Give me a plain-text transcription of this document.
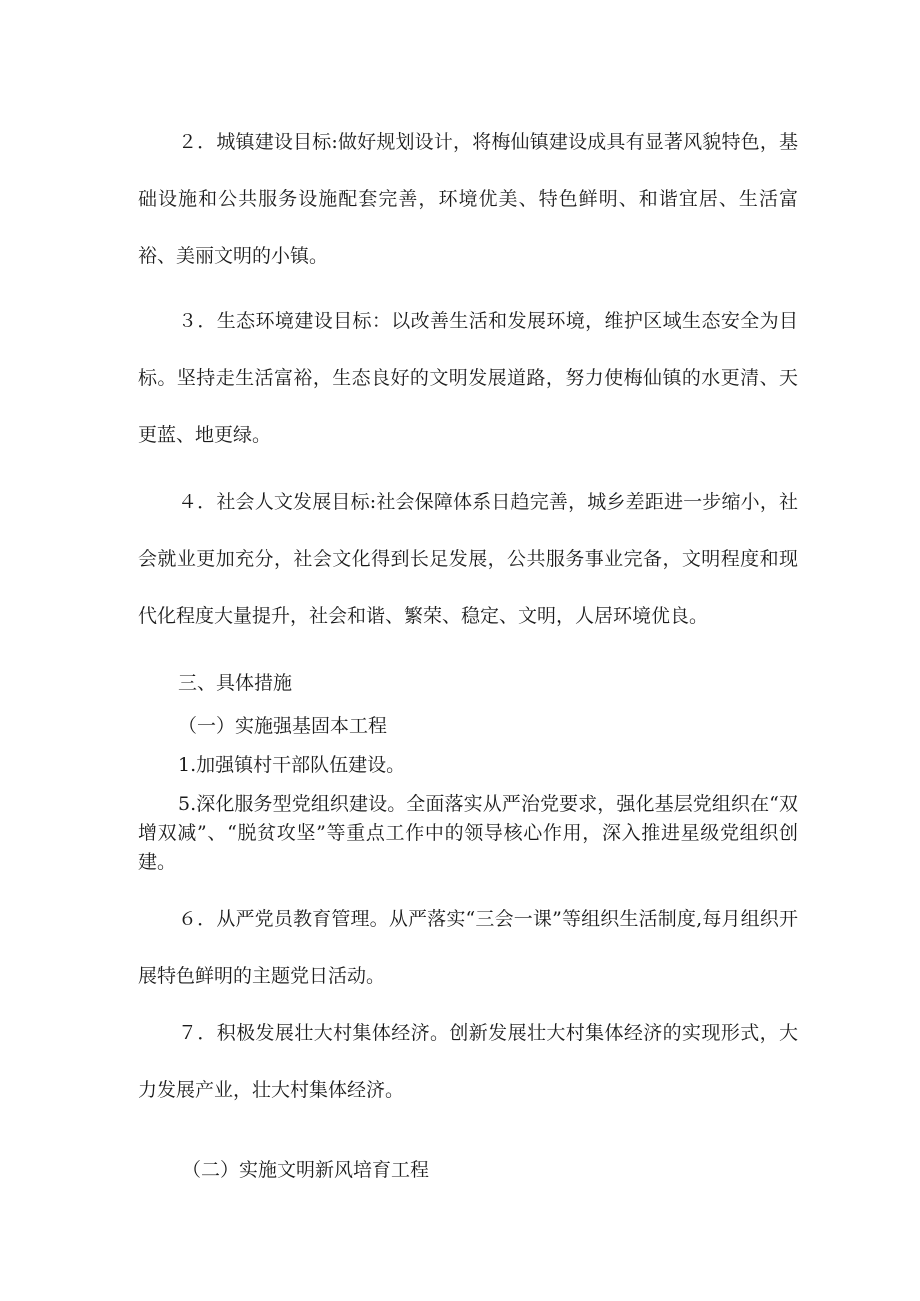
２．城镇建设目标:做好规划设计，将梅仙镇建设成具有显著风貌特色，基础设施和公共服务设施配套完善，环境优美、特色鲜明、和谐宜居、生活富裕、美丽文明的小镇。

３．生态环境建设目标：以改善生活和发展环境，维护区域生态安全为目标。坚持走生活富裕，生态良好的文明发展道路，努力使梅仙镇的水更清、天更蓝、地更绿。

４．社会人文发展目标:社会保障体系日趋完善，城乡差距进一步缩小，社会就业更加充分，社会文化得到长足发展，公共服务事业完备，文明程度和现代化程度大量提升，社会和谐、繁荣、稳定、文明，人居环境优良。

三、具体措施

（一）实施强基固本工程

1.加强镇村干部队伍建设。

5.深化服务型党组织建设。全面落实从严治党要求，强化基层党组织在“双增双减”、“脱贫攻坚”等重点工作中的领导核心作用，深入推进星级党组织创建。

６．从严党员教育管理。从严落实“三会一课”等组织生活制度,每月组织开展特色鲜明的主题党日活动。

７．积极发展壮大村集体经济。创新发展壮大村集体经济的实现形式，大力发展产业，壮大村集体经济。

（二）实施文明新风培育工程
